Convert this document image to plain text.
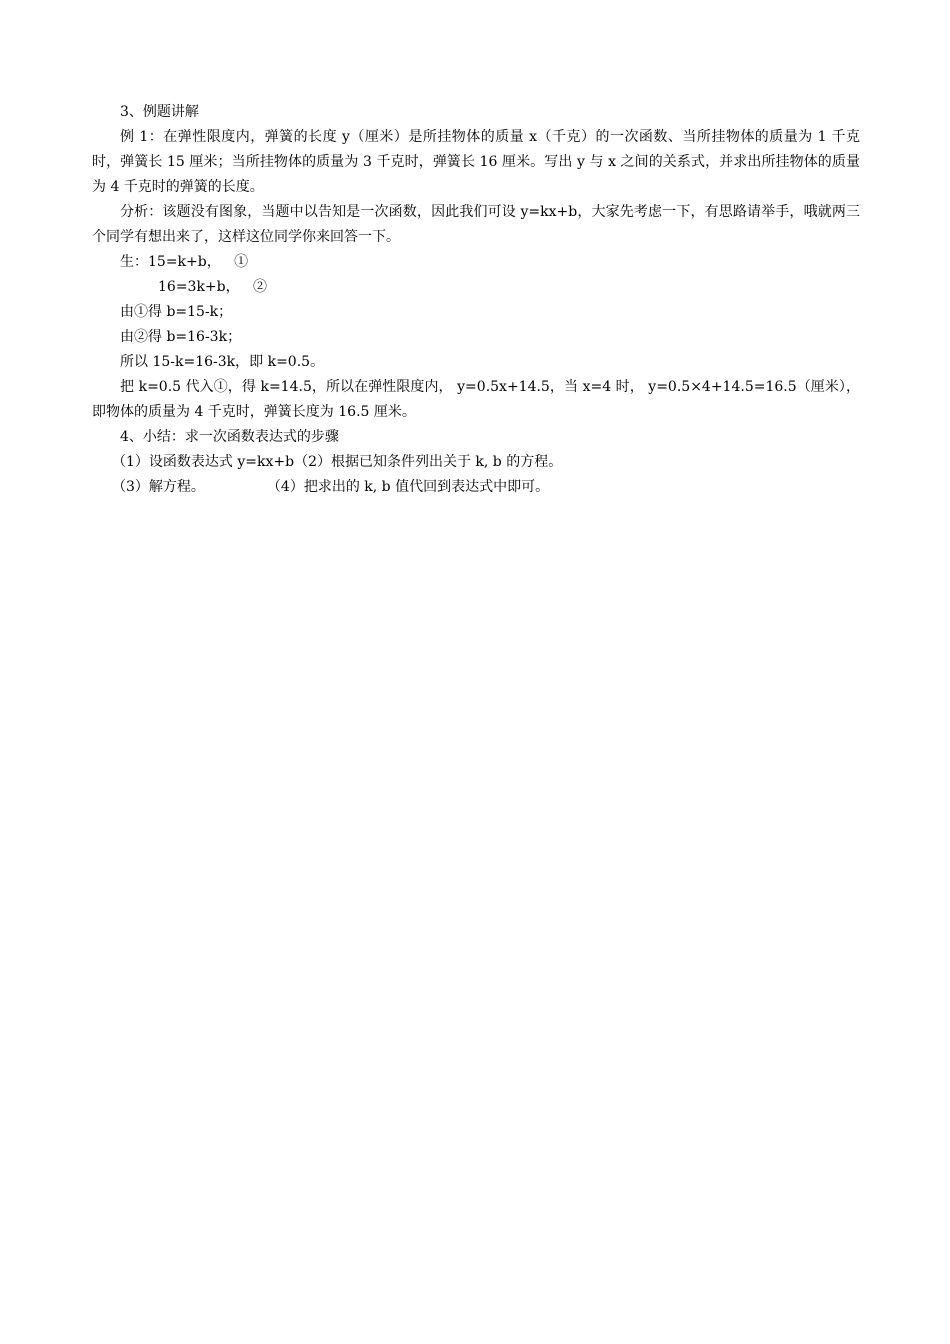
3、例题讲解
例 1：在弹性限度内，弹簧的长度 y（厘米）是所挂物体的质量 x（千克）的一次函数、当所挂物体的质量为 1 千克时，弹簧长 15 厘米；当所挂物体的质量为 3 千克时，弹簧长 16 厘米。写出 y 与 x 之间的关系式，并求出所挂物体的质量为 4 千克时的弹簧的长度。
分析：该题没有图象，当题中以告知是一次函数，因此我们可设 y=kx+b，大家先考虑一下，有思路请举手，哦就两三个同学有想出来了，这样这位同学你来回答一下。
生：15=k+b，   ①
16=3k+b，   ②
由①得 b=15-k；
由②得 b=16-3k；
所以 15-k=16-3k，即 k=0.5。
把 k=0.5 代入①，得 k=14.5，所以在弹性限度内， y=0.5x+14.5，当 x=4 时， y=0.5×4+14.5=16.5（厘米），即物体的质量为 4 千克时，弹簧长度为 16.5 厘米。
4、小结：求一次函数表达式的步骤
（1）设函数表达式 y=kx+b（2）根据已知条件列出关于 k, b 的方程。
（3）解方程。	（4）把求出的 k, b 值代回到表达式中即可。
